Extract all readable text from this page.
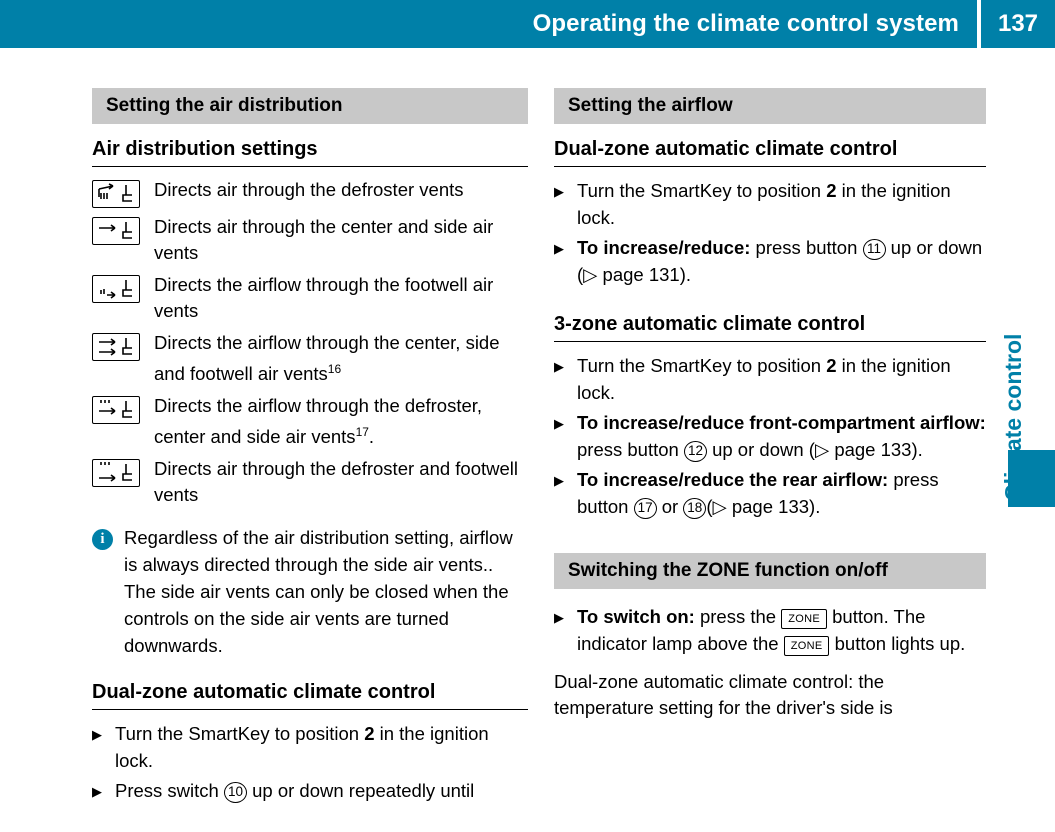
Operating the climate control system 137
Climate control
Setting the air distribution
Air distribution settings
Directs air through the defroster vents
Directs air through the center and side air vents
Directs the airflow through the footwell air vents
Directs the airflow through the center, side and footwell air vents$^{16}$
Directs the airflow through the defroster, center and side air vents$^{17}$.
Directs air through the defroster and footwell vents
i	Regardless of the air distribution setting, airflow is always directed through the side air vents.. The side air vents can only be closed when the controls on the side air vents are turned downwards.
Dual-zone automatic climate control
▶ Turn the SmartKey to position 2 in the ignition lock.
▶ Press switch 10 up or down repeatedly until
Setting the airflow
Dual-zone automatic climate control
▶ Turn the SmartKey to position 2 in the ignition lock.
▶ To increase/reduce: press button 11 up or down (▷ page 131).
3-zone automatic climate control
▶ Turn the SmartKey to position 2 in the ignition lock.
▶ To increase/reduce front-compartment airflow: press button 12 up or down (▷ page 133).
▶ To increase/reduce the rear airflow: press button 17 or 18 (▷ page 133).
Switching the ZONE function on/off
▶ To switch on: press the ZONE button. The indicator lamp above the ZONE button lights up.
Dual-zone automatic climate control: the temperature setting for the driver's side is
